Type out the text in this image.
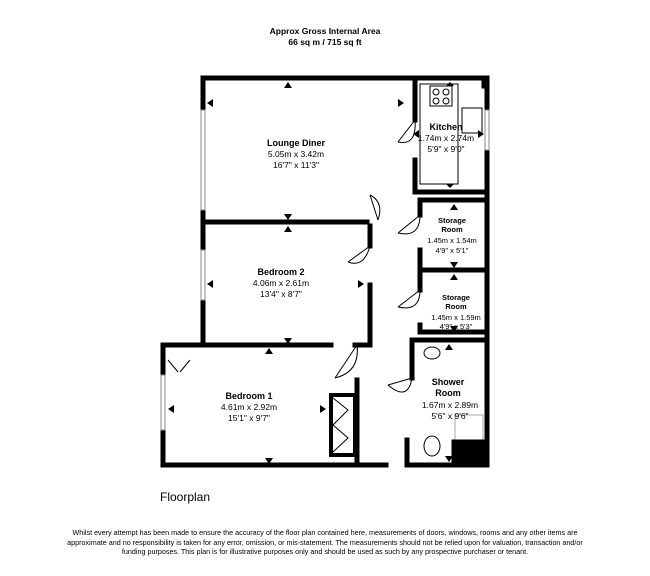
Approx Gross Internal Area
66 sq m / 715 sq ft
Lounge Diner
5.05m x 3.42m
16'7" x 11'3"
Kitchen
1.74m x 2.74m
5'9" x 9'0"
Storage
Room
1.45m x 1.54m
4'9" x 5'1"
Bedroom 2
4.06m x 2.61m
13'4" x 8'7"	Storage
Room
1.45m x 1.59m
4'9" x 5'3"
Shower
Room
1.67m x 2.89m
5'6" x 9'6"
Bedroom 1
4.61m x 2.92m
15'1" x 9'7"
Floorplan
Whilst every attempt has been made to ensure the accuracy of the floor plan contained here, measurements of doors, windows, rooms and any other items are approximate and no responsibility is taken for any error, omission, or mis-statement. The measurements should not be relied upon for valuation, transaction and/or funding purposes. This plan is for illustrative purposes only and should be used as such by any prospective purchaser or tenant.
